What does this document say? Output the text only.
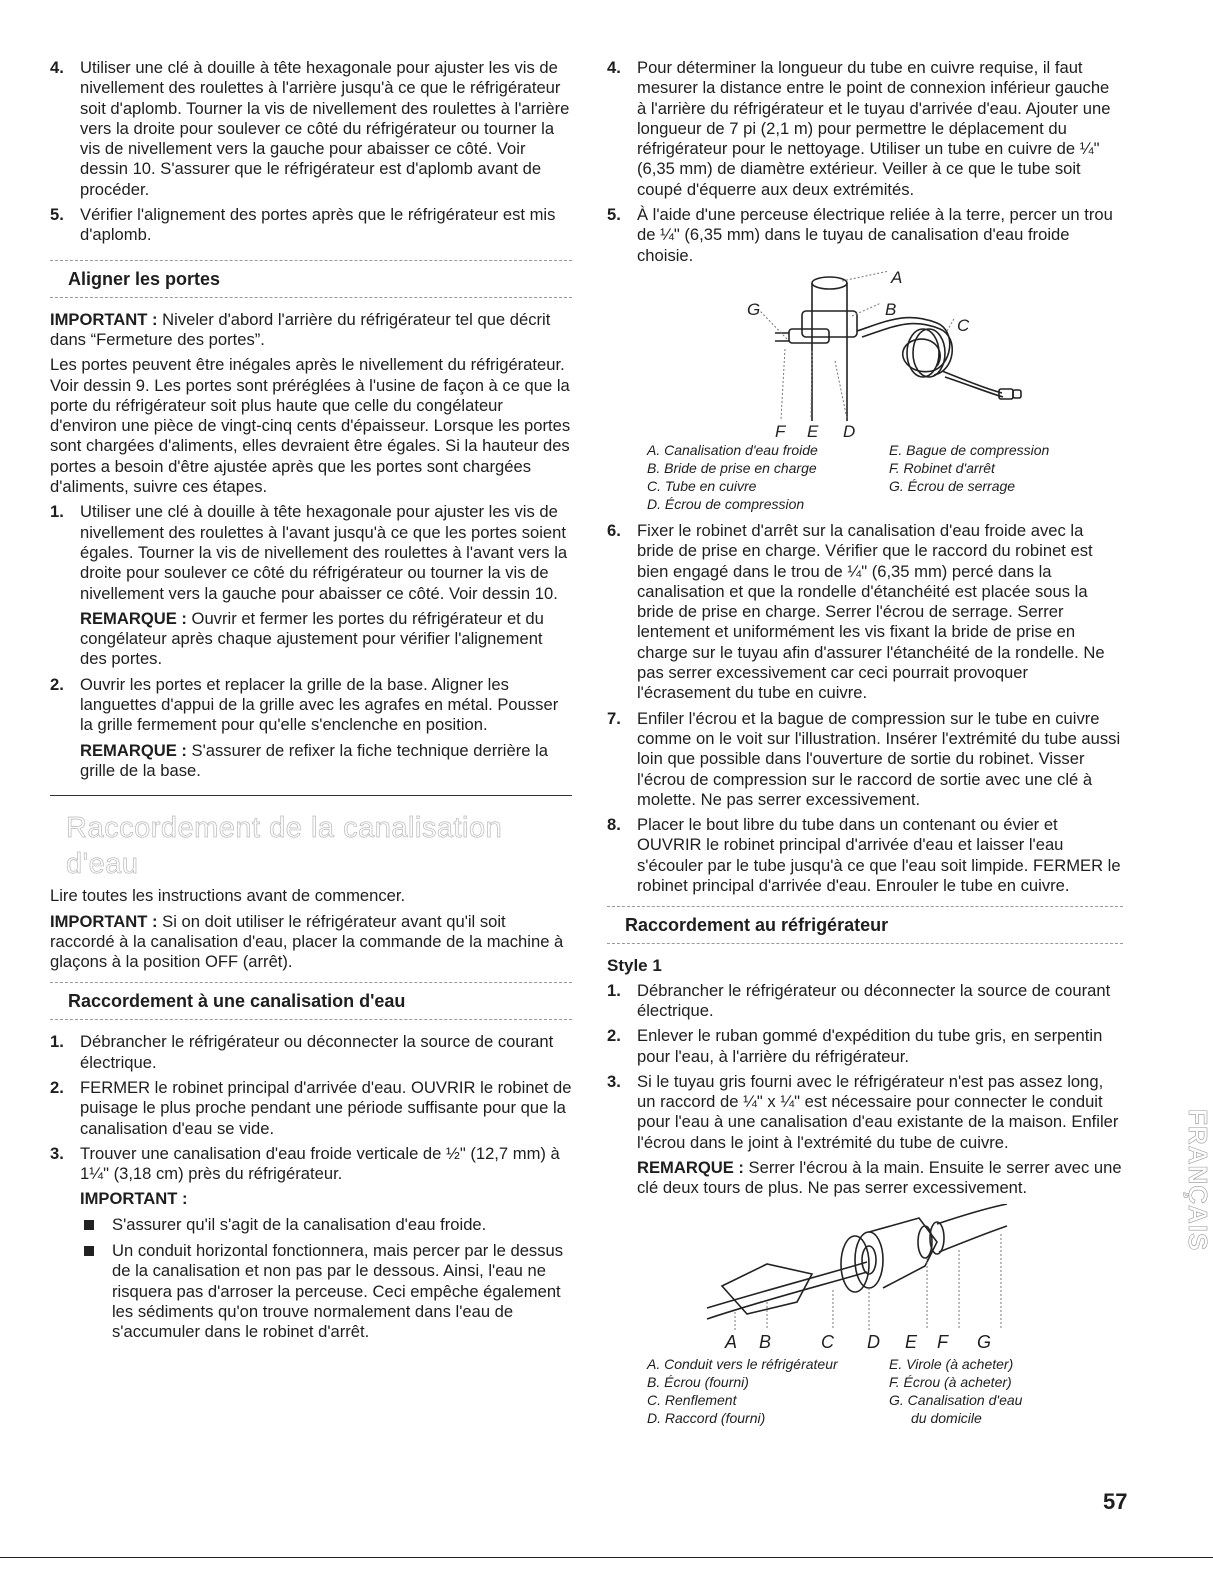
4. Utiliser une clé à douille à tête hexagonale pour ajuster les vis de nivellement des roulettes à l'arrière jusqu'à ce que le réfrigérateur soit d'aplomb. Tourner la vis de nivellement des roulettes à l'arrière vers la droite pour soulever ce côté du réfrigérateur ou tourner la vis de nivellement vers la gauche pour abaisser ce côté. Voir dessin 10. S'assurer que le réfrigérateur est d'aplomb avant de procéder.
5. Vérifier l'alignement des portes après que le réfrigérateur est mis d'aplomb.
Aligner les portes

IMPORTANT : Niveler d'abord l'arrière du réfrigérateur tel que décrit dans “Fermeture des portes”.

Les portes peuvent être inégales après le nivellement du réfrigérateur. Voir dessin 9. Les portes sont préréglées à l'usine de façon à ce que la porte du réfrigérateur soit plus haute que celle du congélateur d'environ une pièce de vingt-cinq cents d'épaisseur. Lorsque les portes sont chargées d'aliments, elles devraient être égales. Si la hauteur des portes a besoin d'être ajustée après que les portes sont chargées d'aliments, suivre ces étapes.

1. Utiliser une clé à douille à tête hexagonale pour ajuster les vis de nivellement des roulettes à l'avant jusqu'à ce que les portes soient égales. Tourner la vis de nivellement des roulettes à l'avant vers la droite pour soulever ce côté du réfrigérateur ou tourner la vis de nivellement vers la gauche pour abaisser ce côté. Voir dessin 10.

REMARQUE : Ouvrir et fermer les portes du réfrigérateur et du congélateur après chaque ajustement pour vérifier l'alignement des portes.

2. Ouvrir les portes et replacer la grille de la base. Aligner les languettes d'appui de la grille avec les agrafes en métal. Pousser la grille fermement pour qu'elle s'enclenche en position.

REMARQUE : S'assurer de refixer la fiche technique derrière la grille de la base.

Raccordement de la canalisation d'eau

Lire toutes les instructions avant de commencer.

IMPORTANT : Si on doit utiliser le réfrigérateur avant qu'il soit raccordé à la canalisation d'eau, placer la commande de la machine à glaçons à la position OFF (arrêt).

Raccordement à une canalisation d'eau
1. Débrancher le réfrigérateur ou déconnecter la source de courant électrique.
2. FERMER le robinet principal d'arrivée d'eau. OUVRIR le robinet de puisage le plus proche pendant une période suffisante pour que la canalisation d'eau se vide.
3. Trouver une canalisation d'eau froide verticale de ½" (12,7 mm) à 1¼" (3,18 cm) près du réfrigérateur.

IMPORTANT :

S'assurer qu'il s'agit de la canalisation d'eau froide.
Un conduit horizontal fonctionnera, mais percer par le dessus de la canalisation et non pas par le dessous. Ainsi, l'eau ne risquera pas d'arroser la perceuse. Ceci empêche également les sédiments qu'on trouve normalement dans l'eau de s'accumuler dans le robinet d'arrêt.
4. Pour déterminer la longueur du tube en cuivre requise, il faut mesurer la distance entre le point de connexion inférieur gauche à l'arrière du réfrigérateur et le tuyau d'arrivée d'eau. Ajouter une longueur de 7 pi (2,1 m) pour permettre le déplacement du réfrigérateur pour le nettoyage. Utiliser un tube en cuivre de ¼" (6,35 mm) de diamètre extérieur. Veiller à ce que le tube soit coupé d'équerre aux deux extrémités.
5. À l'aide d'une perceuse électrique reliée à la terre, percer un trou de ¼" (6,35 mm) dans le tuyau de canalisation d'eau froide choisie.
A
B
C
D
E
F
G
A. Canalisation d'eau froide	E. Bague de compression
B. Bride de prise en charge	F. Robinet d'arrêt
C. Tube en cuivre	G. Écrou de serrage
D. Écrou de compression
6. Fixer le robinet d'arrêt sur la canalisation d'eau froide avec la bride de prise en charge. Vérifier que le raccord du robinet est bien engagé dans le trou de ¼" (6,35 mm) percé dans la canalisation et que la rondelle d'étanchéité est placée sous la bride de prise en charge. Serrer l'écrou de serrage. Serrer lentement et uniformément les vis fixant la bride de prise en charge sur le tuyau afin d'assurer l'étanchéité de la rondelle. Ne pas serrer excessivement car ceci pourrait provoquer l'écrasement du tube en cuivre.
7. Enfiler l'écrou et la bague de compression sur le tube en cuivre comme on le voit sur l'illustration. Insérer l'extrémité du tube aussi loin que possible dans l'ouverture de sortie du robinet. Visser l'écrou de compression sur le raccord de sortie avec une clé à molette. Ne pas serrer excessivement.
8. Placer le bout libre du tube dans un contenant ou évier et OUVRIR le robinet principal d'arrivée d'eau et laisser l'eau s'écouler par le tube jusqu'à ce que l'eau soit limpide. FERMER le robinet principal d'arrivée d'eau. Enrouler le tube en cuivre.
Raccordement au réfrigérateur
Style 1
1. Débrancher le réfrigérateur ou déconnecter la source de courant électrique.
2. Enlever le ruban gommé d'expédition du tube gris, en serpentin pour l'eau, à l'arrière du réfrigérateur.
3. Si le tuyau gris fourni avec le réfrigérateur n'est pas assez long, un raccord de ¼" x ¼" est nécessaire pour connecter le conduit pour l'eau à une canalisation d'eau existante de la maison. Enfiler l'écrou dans le joint à l'extrémité du tube de cuivre.

REMARQUE : Serrer l'écrou à la main. Ensuite le serrer avec une clé deux tours de plus. Ne pas serrer excessivement.

A	B	C	D	E	F	G
A. Conduit vers le réfrigérateur	E. Virole (à acheter)
B. Écrou (fourni)	F. Écrou (à acheter)
C. Renflement	G. Canalisation d'eau
D. Raccord (fourni)	du domicile
FRANÇAIS
57
